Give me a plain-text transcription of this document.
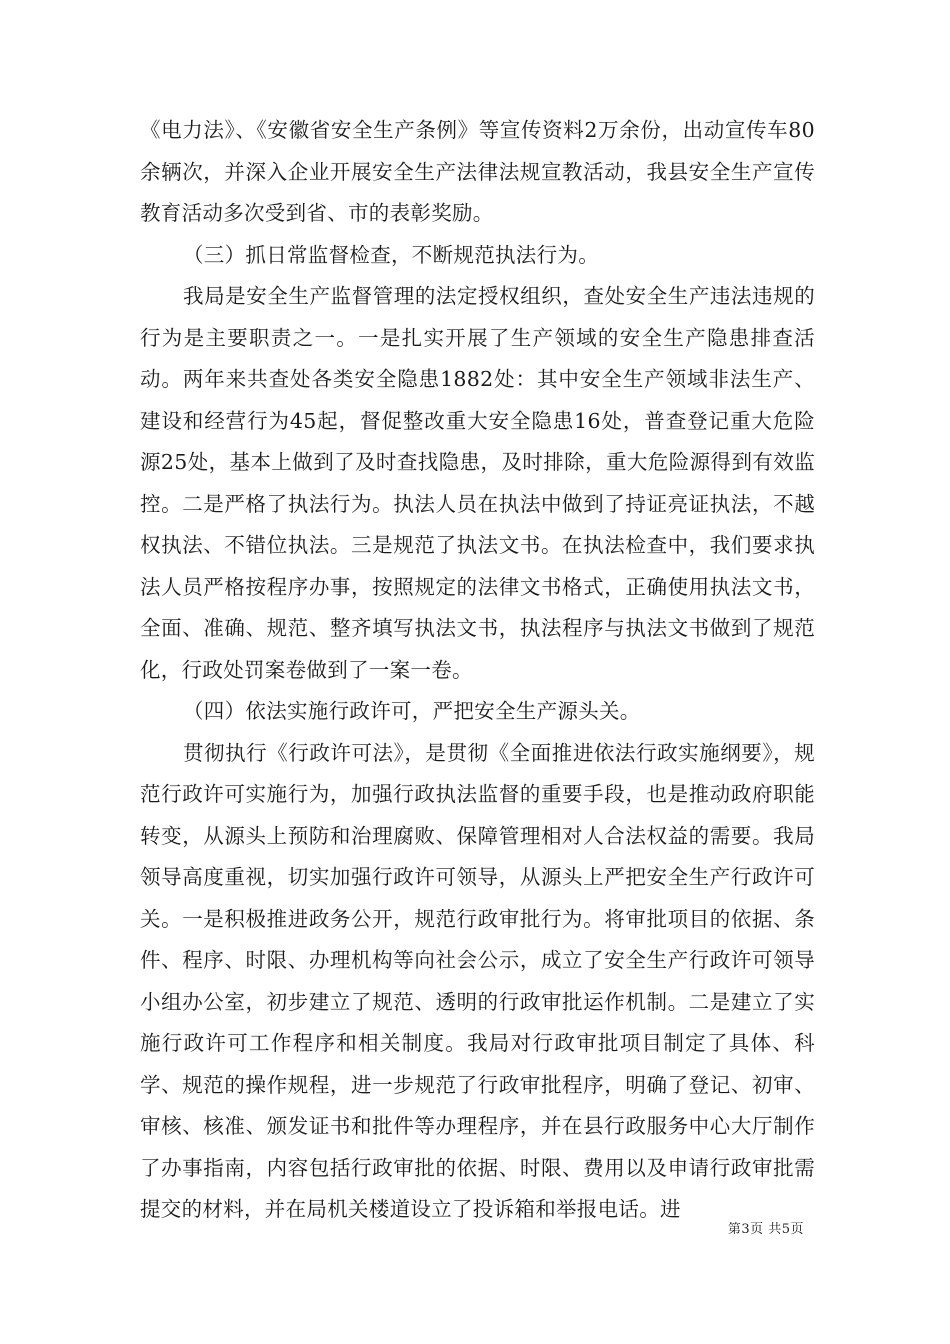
《电力法》、《安徽省安全生产条例》等宣传资料2万余份，出动宣传车80余辆次，并深入企业开展安全生产法律法规宣教活动，我县安全生产宣传教育活动多次受到省、市的表彰奖励。

（三）抓日常监督检查，不断规范执法行为。

我局是安全生产监督管理的法定授权组织，查处安全生产违法违规的行为是主要职责之一。一是扎实开展了生产领域的安全生产隐患排查活动。两年来共查处各类安全隐患1882处：其中安全生产领域非法生产、建设和经营行为45起，督促整改重大安全隐患16处，普查登记重大危险源25处，基本上做到了及时查找隐患，及时排除，重大危险源得到有效监控。二是严格了执法行为。执法人员在执法中做到了持证亮证执法，不越权执法、不错位执法。三是规范了执法文书。在执法检查中，我们要求执法人员严格按程序办事，按照规定的法律文书格式，正确使用执法文书，全面、准确、规范、整齐填写执法文书，执法程序与执法文书做到了规范化，行政处罚案卷做到了一案一卷。

（四）依法实施行政许可，严把安全生产源头关。

贯彻执行《行政许可法》，是贯彻《全面推进依法行政实施纲要》，规范行政许可实施行为，加强行政执法监督的重要手段，也是推动政府职能转变，从源头上预防和治理腐败、保障管理相对人合法权益的需要。我局领导高度重视，切实加强行政许可领导，从源头上严把安全生产行政许可关。一是积极推进政务公开，规范行政审批行为。将审批项目的依据、条件、程序、时限、办理机构等向社会公示，成立了安全生产行政许可领导小组办公室，初步建立了规范、透明的行政审批运作机制。二是建立了实施行政许可工作程序和相关制度。我局对行政审批项目制定了具体、科学、规范的操作规程，进一步规范了行政审批程序，明确了登记、初审、审核、核准、颁发证书和批件等办理程序，并在县行政服务中心大厅制作了办事指南，内容包括行政审批的依据、时限、费用以及申请行政审批需提交的材料，并在局机关楼道设立了投诉箱和举报电话。进

第3页 共5页
